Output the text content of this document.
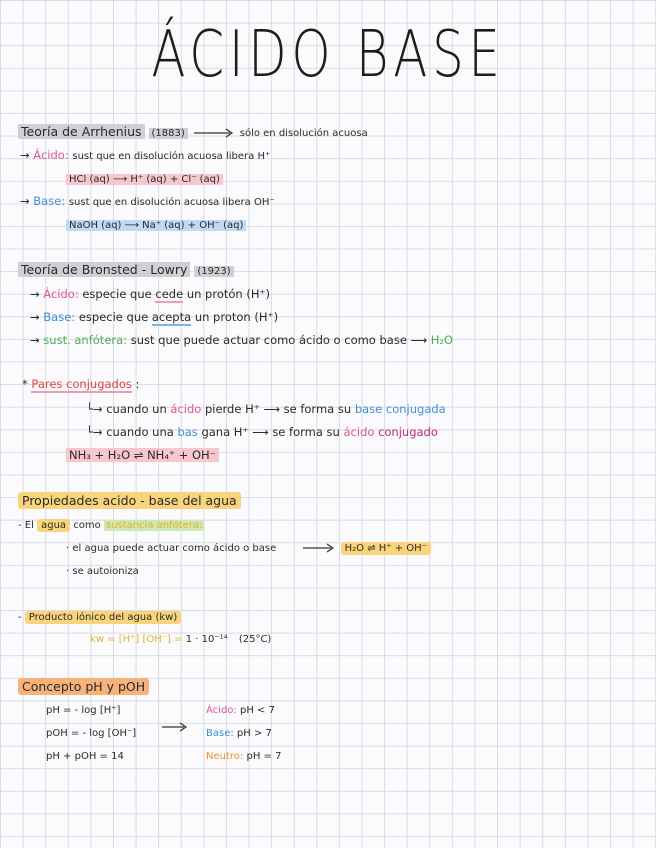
ÁCIDO BASE
Teoría de Arrhenius (1883)	sólo en disolución acuosa
→ Ácido: sust que en disolución acuosa libera H⁺
HCl (aq) ⟶ H⁺ (aq) + Cl⁻ (aq)
→ Base: sust que en disolución acuosa libera OH⁻
NaOH (aq) ⟶ Na⁺ (aq) + OH⁻ (aq)
Teoría de Bronsted - Lowry (1923)
→ Ácido: especie que cede un protón (H⁺)
→ Base: especie que acepta un proton (H⁺)
→ sust. anfótera: sust que puede actuar como ácido o como base ⟶ H₂O
* Pares conjugados :
└→ cuando un ácido pierde H⁺ ⟶ se forma su base conjugada
└→ cuando una bas gana H⁺ ⟶ se forma su ácido conjugado
NH₃ + H₂O ⇌ NH₄⁺ + OH⁻
Propiedades acido - base del agua
- El agua como sustancia anfótera:
· el agua puede actuar como ácido o base	H₂O ⇌ H⁺ + OH⁻
· se autoioniza
- Producto iónico del agua (kw)
kw = [H⁺] [OH⁻] = 1 · 10⁻¹⁴ (25°C)
Concepto pH y pOH
pH = - log [H⁺]
pOH = - log [OH⁻]
pH + pOH = 14
Ácido: pH < 7
Base: pH > 7
Neutro: pH = 7
